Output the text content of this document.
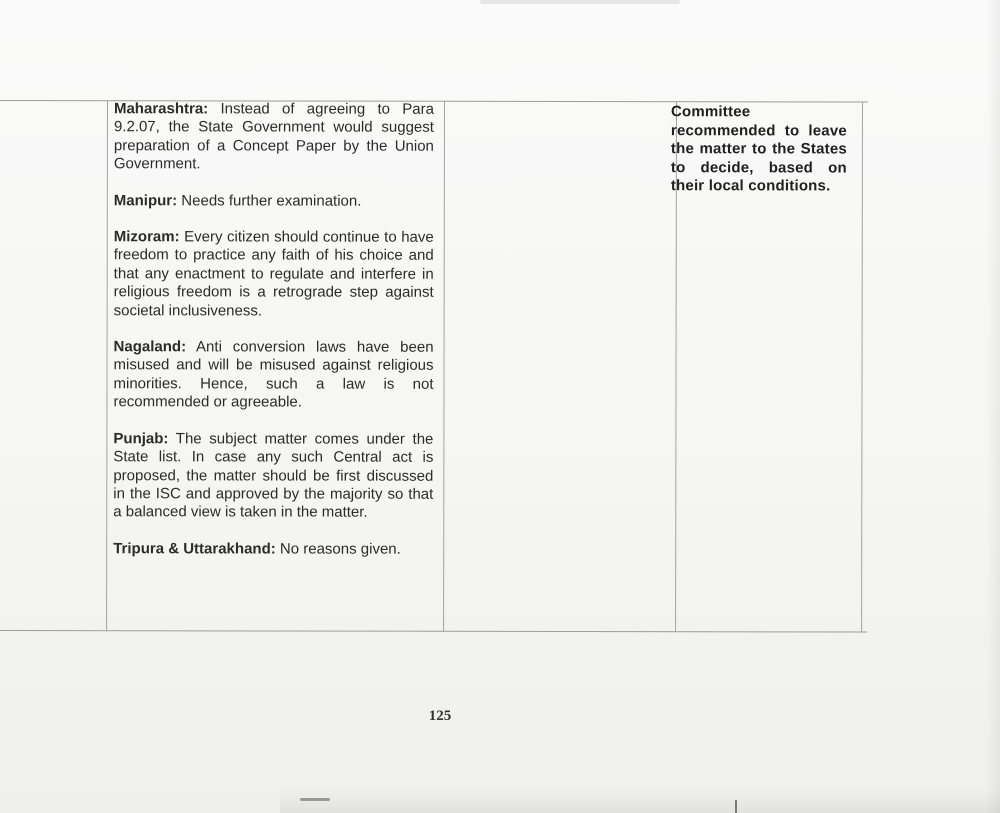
Maharashtra: Instead of agreeing to Para 9.2.07, the State Government would suggest preparation of a Concept Paper by the Union Government.
Manipur: Needs further examination.
Mizoram: Every citizen should continue to have freedom to practice any faith of his choice and that any enactment to regulate and interfere in religious freedom is a retrograde step against societal inclusiveness.
Nagaland: Anti conversion laws have been misused and will be misused against religious minorities. Hence, such a law is not recommended or agreeable.
Punjab: The subject matter comes under the State list. In case any such Central act is proposed, the matter should be first discussed in the ISC and approved by the majority so that a balanced view is taken in the matter.
Tripura & Uttarakhand: No reasons given.
Committee recommended to leave the matter to the States to decide, based on their local conditions.
125
